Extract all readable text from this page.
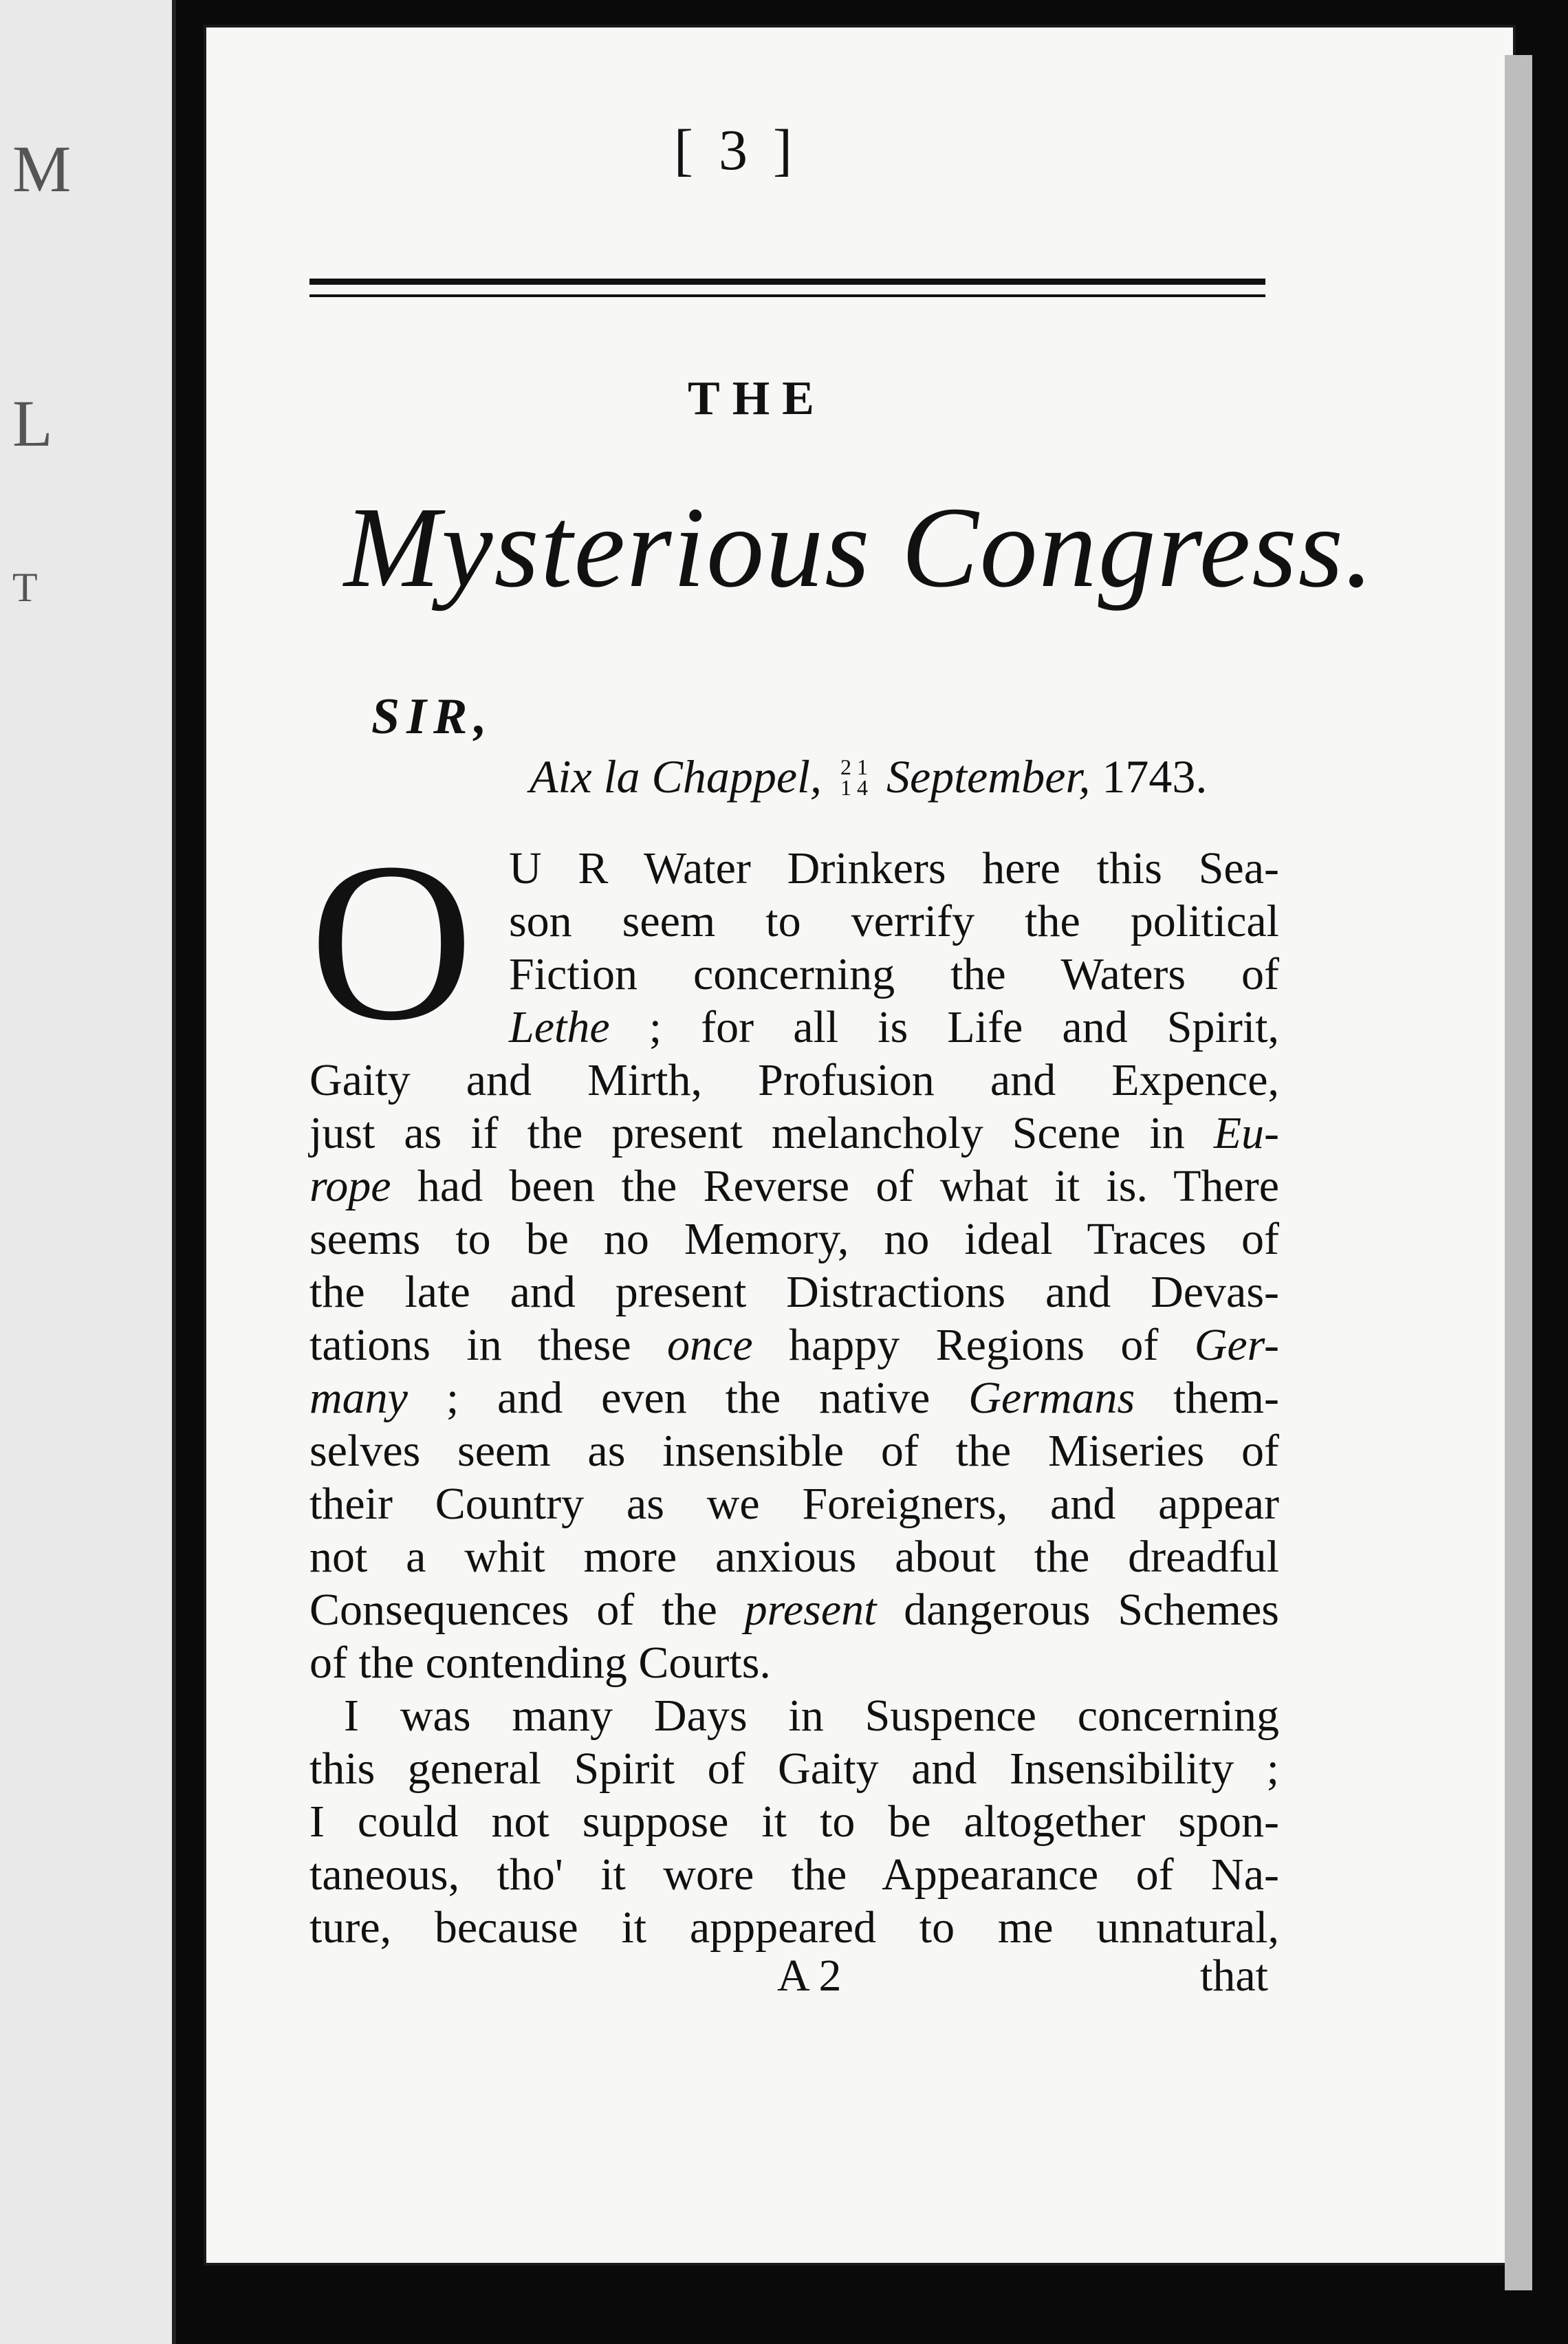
M
L
T
[ 3 ]
THE
Mysterious Congress.
SIR,
Aix la Chappel, 2 1
1 4 September, 1743.
O U R Water Drinkers here this Sea-
son seem to verrify the political
Fiction concerning the Waters of
Lethe ; for all is Life and Spirit,
Gaity and Mirth, Profusion and Expence,
just as if the present melancholy Scene in Eu-
rope had been the Reverse of what it is. There
seems to be no Memory, no ideal Traces of
the late and present Distractions and Devas-
tations in these once happy Regions of Ger-
many ; and even the native Germans them-
selves seem as insensible of the Miseries of
their Country as we Foreigners, and appear
not a whit more anxious about the dreadful
Consequences of the present dangerous Schemes
of the contending Courts.
I was many Days in Suspence concerning
this general Spirit of Gaity and Insensibility ;
I could not suppose it to be altogether spon-
taneous, tho' it wore the Appearance of Na-
ture, because it apppeared to me unnatural,
A 2	that
